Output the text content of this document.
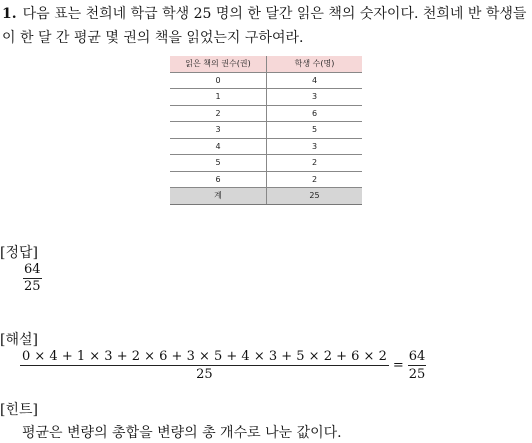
1. 다음 표는 천희네 학급 학생 25 명의 한 달간 읽은 책의 숫자이다. 천희네 반 학생들이 한 달 간 평균 몇 권의 책을 읽었는지 구하여라.
읽은 책의 권수(권)	학생 수(명)
0	4
1	3
2	6
3	5
4	3
5	2
6	2
계	25
[정답]
64
25
[해설]
0 × 4 + 1 × 3 + 2 × 6 + 3 × 5 + 4 × 3 + 5 × 2 + 6 × 2
25
=
64
25
[힌트]
평균은 변량의 총합을 변량의 총 개수로 나눈 값이다.
